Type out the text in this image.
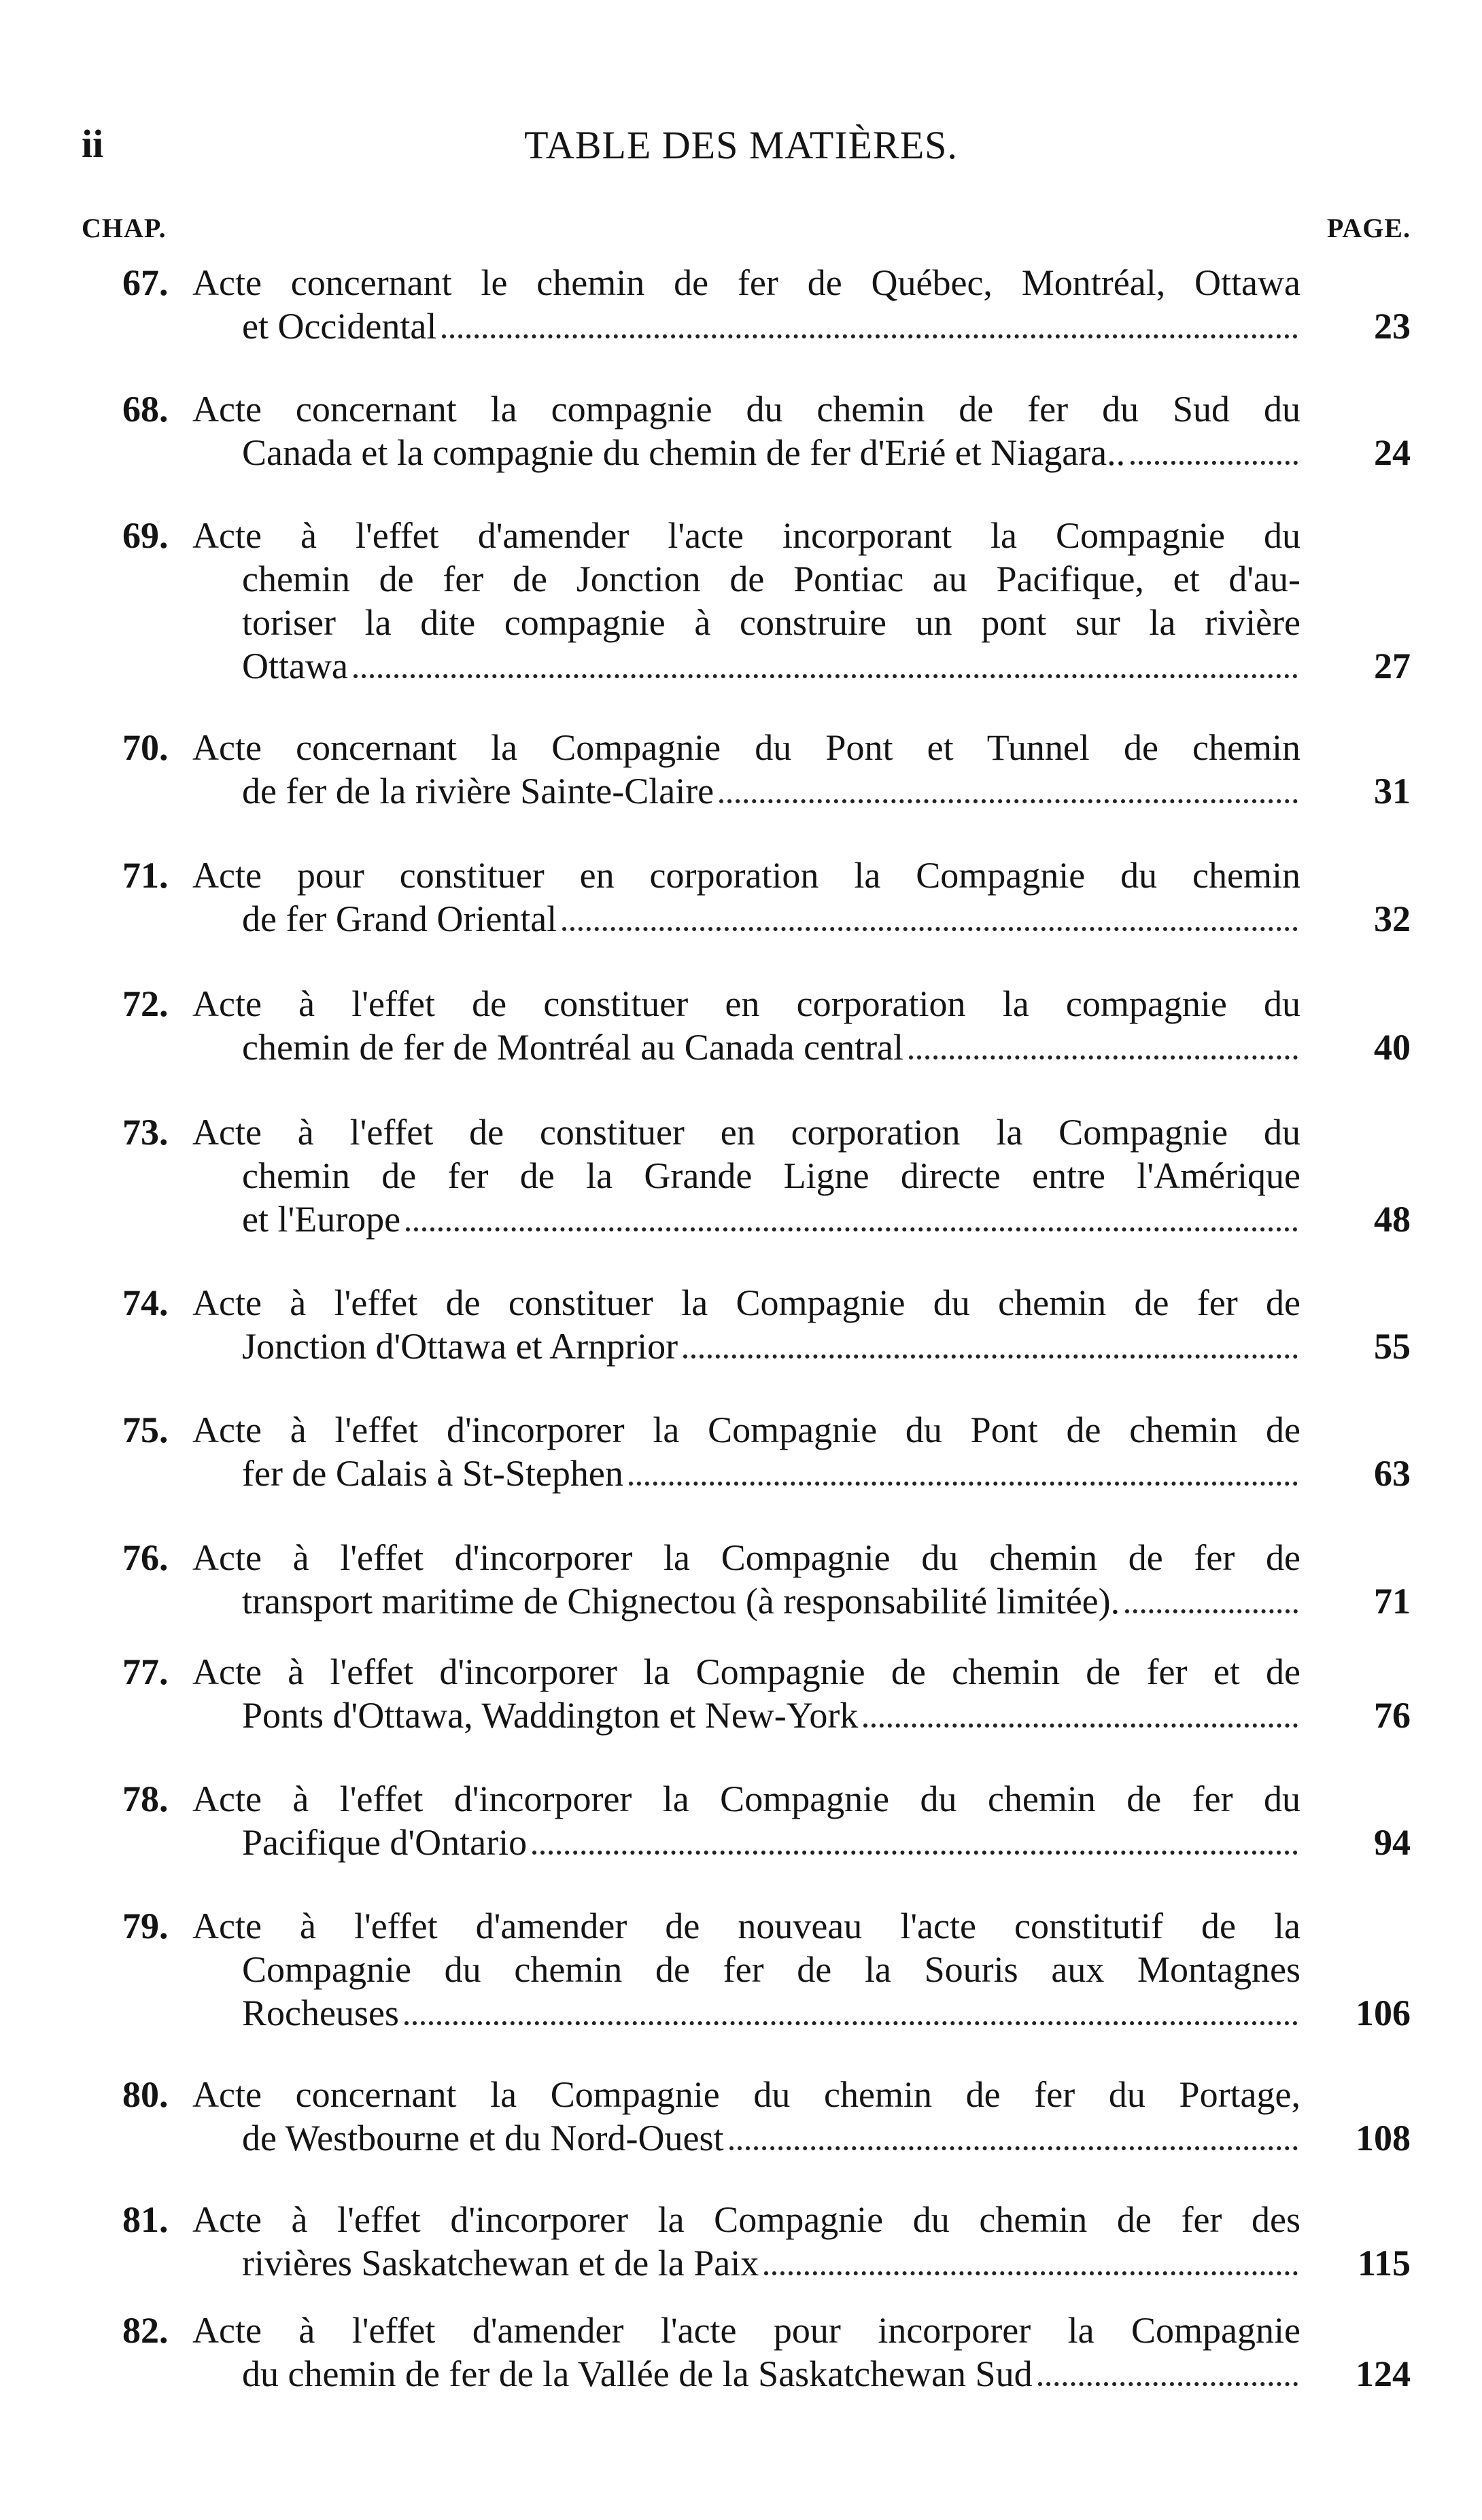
ii	TABLE DES MATIÈRES.
CHAP.	PAGE.
67. Acte concernant le chemin de fer de Québec, Montréal, Ottawa
et Occidental	23
68. Acte concernant la compagnie du chemin de fer du Sud du
Canada et la compagnie du chemin de fer d'Erié et Niagara..	24
69. Acte à l'effet d'amender l'acte incorporant la Compagnie du
chemin de fer de Jonction de Pontiac au Pacifique, et d'au-
toriser la dite compagnie à construire un pont sur la rivière
Ottawa	27
70. Acte concernant la Compagnie du Pont et Tunnel de chemin
de fer de la rivière Sainte-Claire	31
71. Acte pour constituer en corporation la Compagnie du chemin
de fer Grand Oriental	32
72. Acte à l'effet de constituer en corporation la compagnie du
chemin de fer de Montréal au Canada central	40
73. Acte à l'effet de constituer en corporation la Compagnie du
chemin de fer de la Grande Ligne directe entre l'Amérique
et l'Europe	48
74. Acte à l'effet de constituer la Compagnie du chemin de fer de
Jonction d'Ottawa et Arnprior	55
75. Acte à l'effet d'incorporer la Compagnie du Pont de chemin de
fer de Calais à St-Stephen	63
76. Acte à l'effet d'incorporer la Compagnie du chemin de fer de
transport maritime de Chignectou (à responsabilité limitée).	71
77. Acte à l'effet d'incorporer la Compagnie de chemin de fer et de
Ponts d'Ottawa, Waddington et New-York	76
78. Acte à l'effet d'incorporer la Compagnie du chemin de fer du
Pacifique d'Ontario	94
79. Acte à l'effet d'amender de nouveau l'acte constitutif de la
Compagnie du chemin de fer de la Souris aux Montagnes
Rocheuses	106
80. Acte concernant la Compagnie du chemin de fer du Portage,
de Westbourne et du Nord-Ouest	108
81. Acte à l'effet d'incorporer la Compagnie du chemin de fer des
rivières Saskatchewan et de la Paix	115
82. Acte à l'effet d'amender l'acte pour incorporer la Compagnie
du chemin de fer de la Vallée de la Saskatchewan Sud	124
